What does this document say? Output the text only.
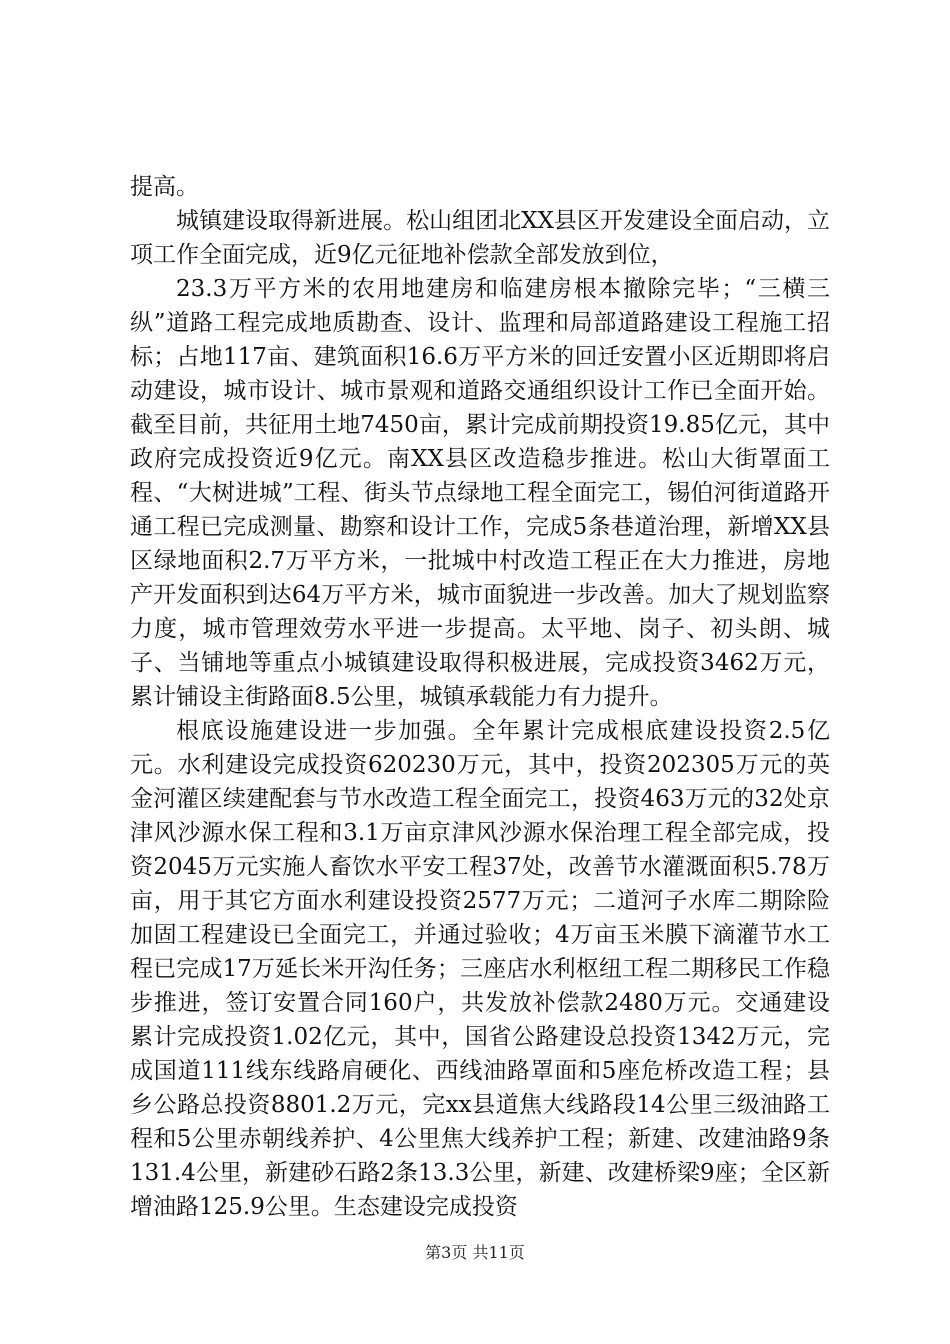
提高。

城镇建设取得新进展。松山组团北XX县区开发建设全面启动，立项工作全面完成，近9亿元征地补偿款全部发放到位，

23.3万平方米的农用地建房和临建房根本撤除完毕；“三横三纵”道路工程完成地质勘查、设计、监理和局部道路建设工程施工招标；占地117亩、建筑面积16.6万平方米的回迁安置小区近期即将启动建设，城市设计、城市景观和道路交通组织设计工作已全面开始。截至目前，共征用土地7450亩，累计完成前期投资19.85亿元，其中政府完成投资近9亿元。南XX县区改造稳步推进。松山大街罩面工程、“大树进城”工程、街头节点绿地工程全面完工，锡伯河街道路开通工程已完成测量、勘察和设计工作，完成5条巷道治理，新增XX县区绿地面积2.7万平方米，一批城中村改造工程正在大力推进，房地产开发面积到达64万平方米，城市面貌进一步改善。加大了规划监察力度，城市管理效劳水平进一步提高。太平地、岗子、初头朗、城子、当铺地等重点小城镇建设取得积极进展，完成投资3462万元，累计铺设主街路面8.5公里，城镇承载能力有力提升。

根底设施建设进一步加强。全年累计完成根底建设投资2.5亿元。水利建设完成投资620230万元，其中，投资202305万元的英金河灌区续建配套与节水改造工程全面完工，投资463万元的32处京津风沙源水保工程和3.1万亩京津风沙源水保治理工程全部完成，投资2045万元实施人畜饮水平安工程37处，改善节水灌溉面积5.78万亩，用于其它方面水利建设投资2577万元；二道河子水库二期除险加固工程建设已全面完工，并通过验收；4万亩玉米膜下滴灌节水工程已完成17万延长米开沟任务；三座店水利枢纽工程二期移民工作稳步推进，签订安置合同160户，共发放补偿款2480万元。交通建设累计完成投资1.02亿元，其中，国省公路建设总投资1342万元，完成国道111线东线路肩硬化、西线油路罩面和5座危桥改造工程；县乡公路总投资8801.2万元，完xx县道焦大线路段14公里三级油路工程和5公里赤朝线养护、4公里焦大线养护工程；新建、改建油路9条131.4公里，新建砂石路2条13.3公里，新建、改建桥梁9座；全区新增油路125.9公里。生态建设完成投资

第3页 共11页
